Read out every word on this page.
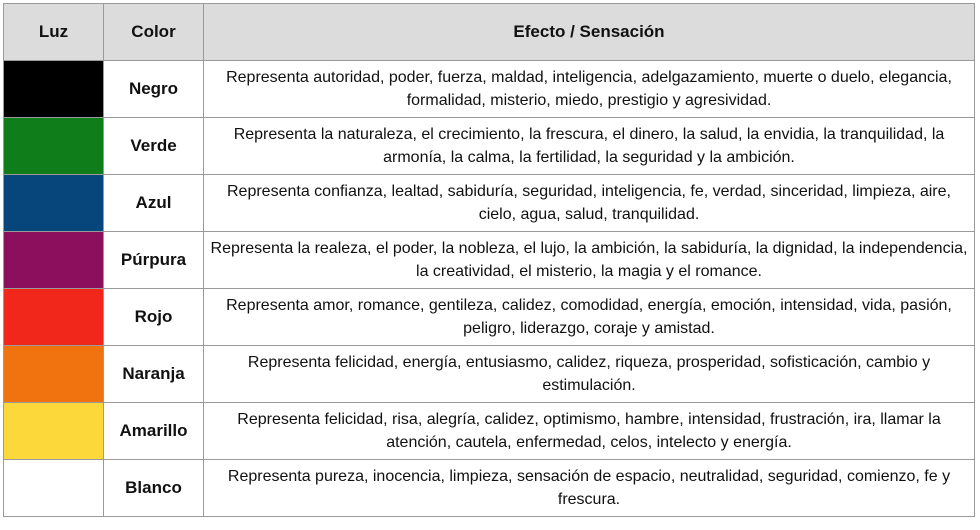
Luz	Color	Efecto / Sensación
	Negro	Representa autoridad, poder, fuerza, maldad, inteligencia, adelgazamiento, muerte o duelo, elegancia, formalidad, misterio, miedo, prestigio y agresividad.
	Verde	Representa la naturaleza, el crecimiento, la frescura, el dinero, la salud, la envidia, la tranquilidad, la armonía, la calma, la fertilidad, la seguridad y la ambición.
	Azul	Representa confianza, lealtad, sabiduría, seguridad, inteligencia, fe, verdad, sinceridad, limpieza, aire, cielo, agua, salud, tranquilidad.
	Púrpura	Representa la realeza, el poder, la nobleza, el lujo, la ambición, la sabiduría, la dignidad, la independencia, la creatividad, el misterio, la magia y el romance.
	Rojo	Representa amor, romance, gentileza, calidez, comodidad, energía, emoción, intensidad, vida, pasión, peligro, liderazgo, coraje y amistad.
	Naranja	Representa felicidad, energía, entusiasmo, calidez, riqueza, prosperidad, sofisticación, cambio y estimulación.
	Amarillo	Representa felicidad, risa, alegría, calidez, optimismo, hambre, intensidad, frustración, ira, llamar la atención, cautela, enfermedad, celos, intelecto y energía.
	Blanco	Representa pureza, inocencia, limpieza, sensación de espacio, neutralidad, seguridad, comienzo, fe y frescura.
